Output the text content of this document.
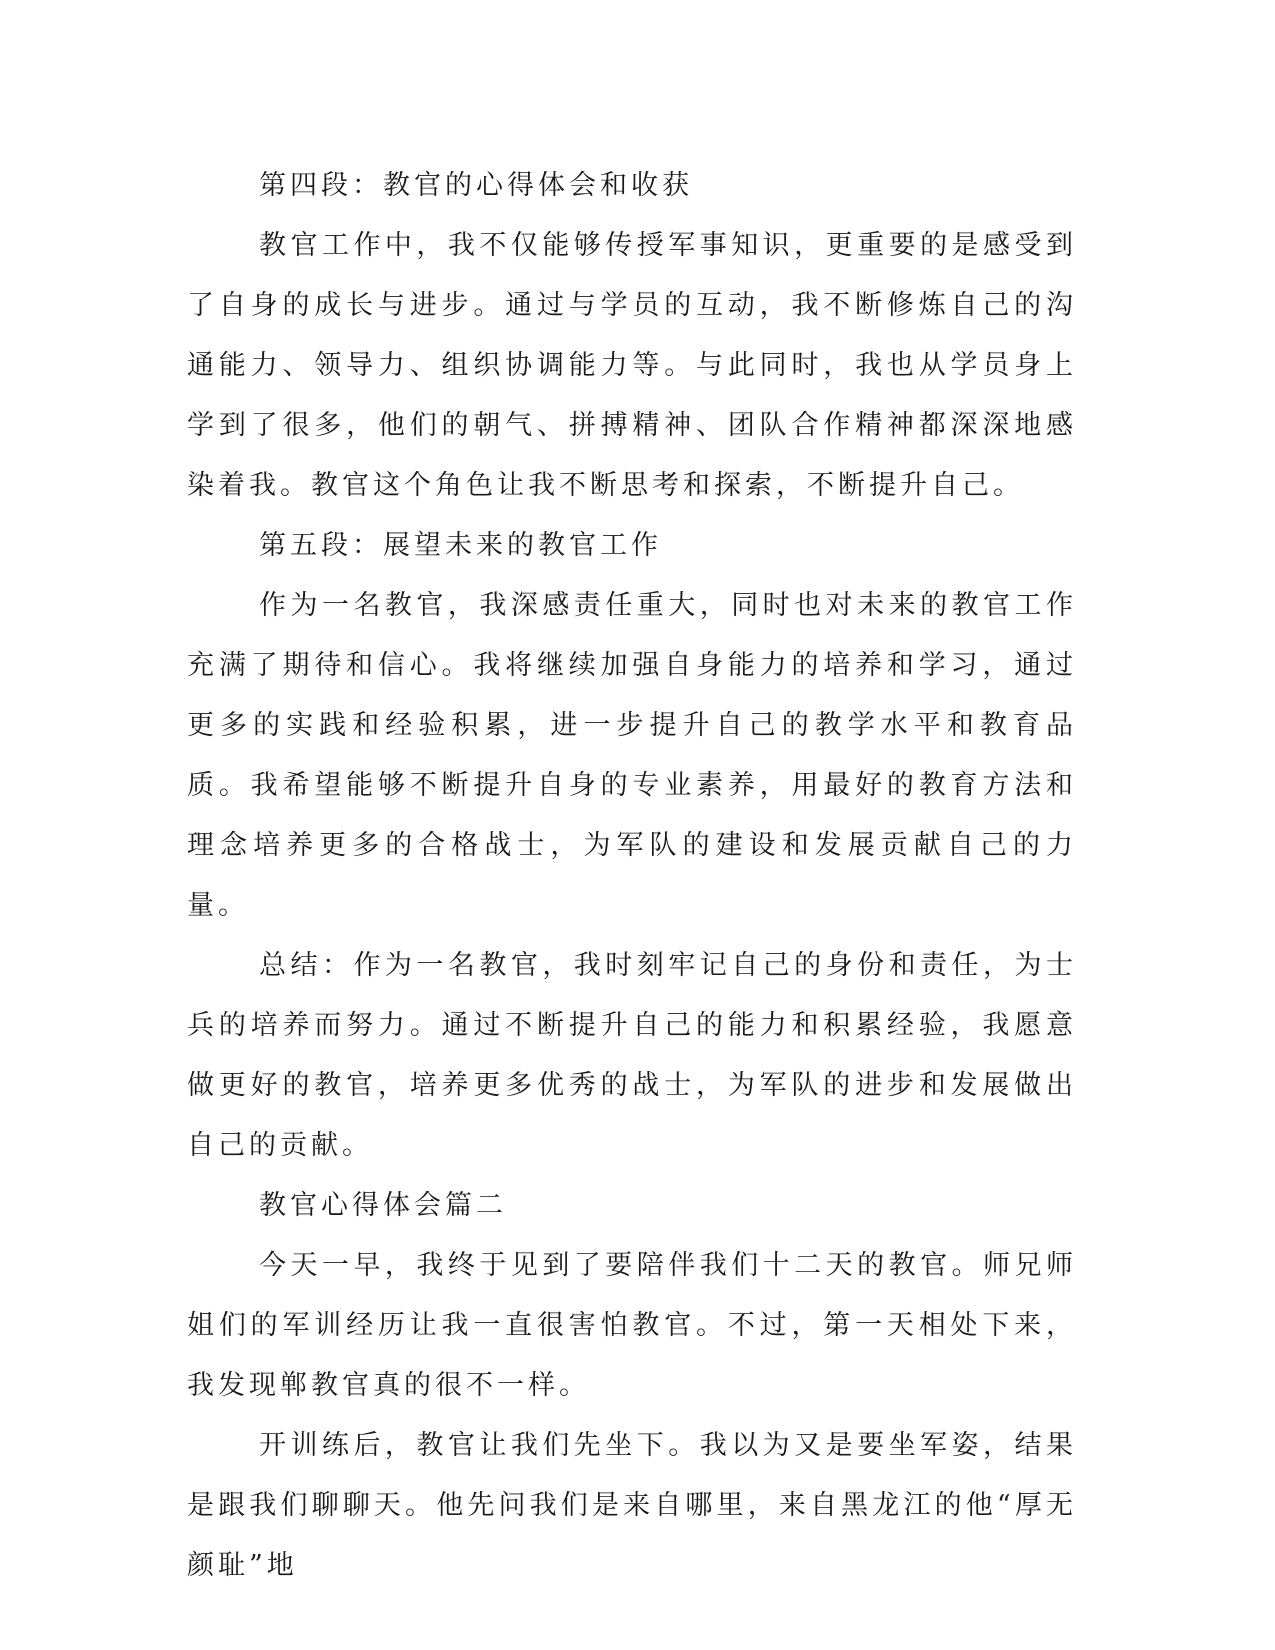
第四段：教官的心得体会和收获

教官工作中，我不仅能够传授军事知识，更重要的是感受到了自身的成长与进步。通过与学员的互动，我不断修炼自己的沟通能力、领导力、组织协调能力等。与此同时，我也从学员身上学到了很多，他们的朝气、拼搏精神、团队合作精神都深深地感染着我。教官这个角色让我不断思考和探索，不断提升自己。

第五段：展望未来的教官工作

作为一名教官，我深感责任重大，同时也对未来的教官工作充满了期待和信心。我将继续加强自身能力的培养和学习，通过更多的实践和经验积累，进一步提升自己的教学水平和教育品质。我希望能够不断提升自身的专业素养，用最好的教育方法和理念培养更多的合格战士，为军队的建设和发展贡献自己的力量。

总结：作为一名教官，我时刻牢记自己的身份和责任，为士兵的培养而努力。通过不断提升自己的能力和积累经验，我愿意做更好的教官，培养更多优秀的战士，为军队的进步和发展做出自己的贡献。

教官心得体会篇二

今天一早，我终于见到了要陪伴我们十二天的教官。师兄师姐们的军训经历让我一直很害怕教官。不过，第一天相处下来，我发现郸教官真的很不一样。

开训练后，教官让我们先坐下。我以为又是要坐军姿，结果是跟我们聊聊天。他先问我们是来自哪里，来自黑龙江的他“厚无颜耻”地
